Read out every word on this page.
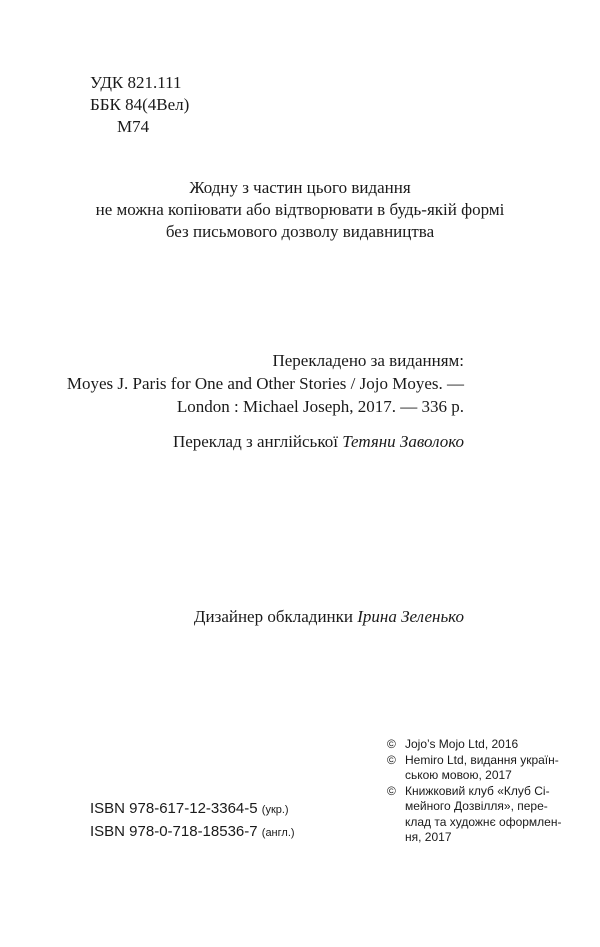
УДК 821.111
ББК 84(4Вел)
М74
Жодну з частин цього видання
не можна копіювати або відтворювати в будь-якій формі
без письмового дозволу видавництва
Перекладено за виданням:
Moyes J. Paris for One and Other Stories / Jojo Moyes. —
London : Michael Joseph, 2017. — 336 p.
Переклад з англійської Тетяни Заволоко
Дизайнер обкладинки Ірина Зеленько
© Jojo’s Mojo Ltd, 2016
© Hemiro Ltd, видання україн-
ською мовою, 2017
© Книжковий клуб «Клуб Сі-
мейного Дозвілля», пере-
клад та художнє оформлен-
ня, 2017
ISBN 978-617-12-3364-5 (укр.)
ISBN 978-0-718-18536-7 (англ.)
